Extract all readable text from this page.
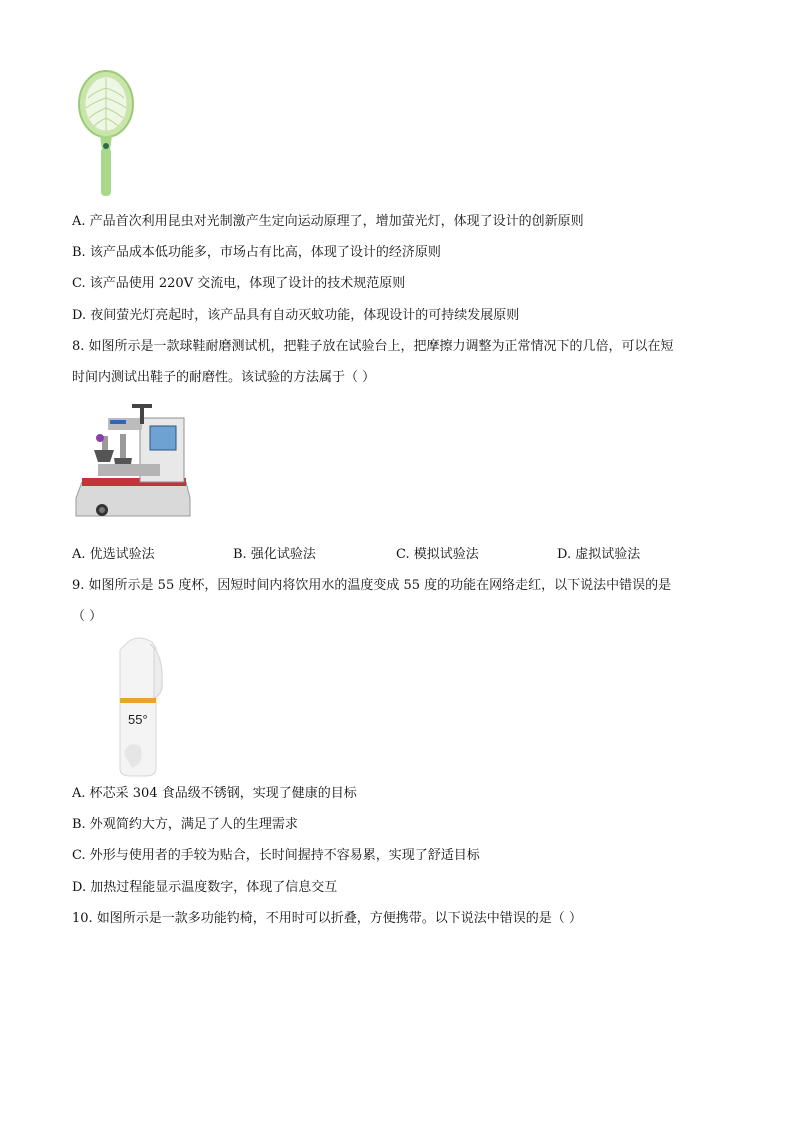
A. 产品首次利用昆虫对光制激产生定向运动原理了，增加萤光灯，体现了设计的创新原则
B. 该产品成本低功能多，市场占有比高，体现了设计的经济原则
C. 该产品使用 220V 交流电，体现了设计的技术规范原则
D. 夜间萤光灯亮起时，该产品具有自动灭蚊功能，体现设计的可持续发展原则
8. 如图所示是一款球鞋耐磨测试机，把鞋子放在试验台上，把摩擦力调整为正常情况下的几倍，可以在短
时间内测试出鞋子的耐磨性。该试验的方法属于（ ）
A. 优选试验法	B. 强化试验法	C. 模拟试验法	D. 虚拟试验法
9. 如图所示是 55 度杯，因短时间内将饮用水的温度变成 55 度的功能在网络走红，以下说法中错误的是
（ ）
55°
A. 杯芯采 304 食品级不锈钢，实现了健康的目标
B. 外观简约大方，满足了人的生理需求
C. 外形与使用者的手较为贴合，长时间握持不容易累，实现了舒适目标
D. 加热过程能显示温度数字，体现了信息交互
10. 如图所示是一款多功能钓椅，不用时可以折叠，方便携带。以下说法中错误的是（ ）
